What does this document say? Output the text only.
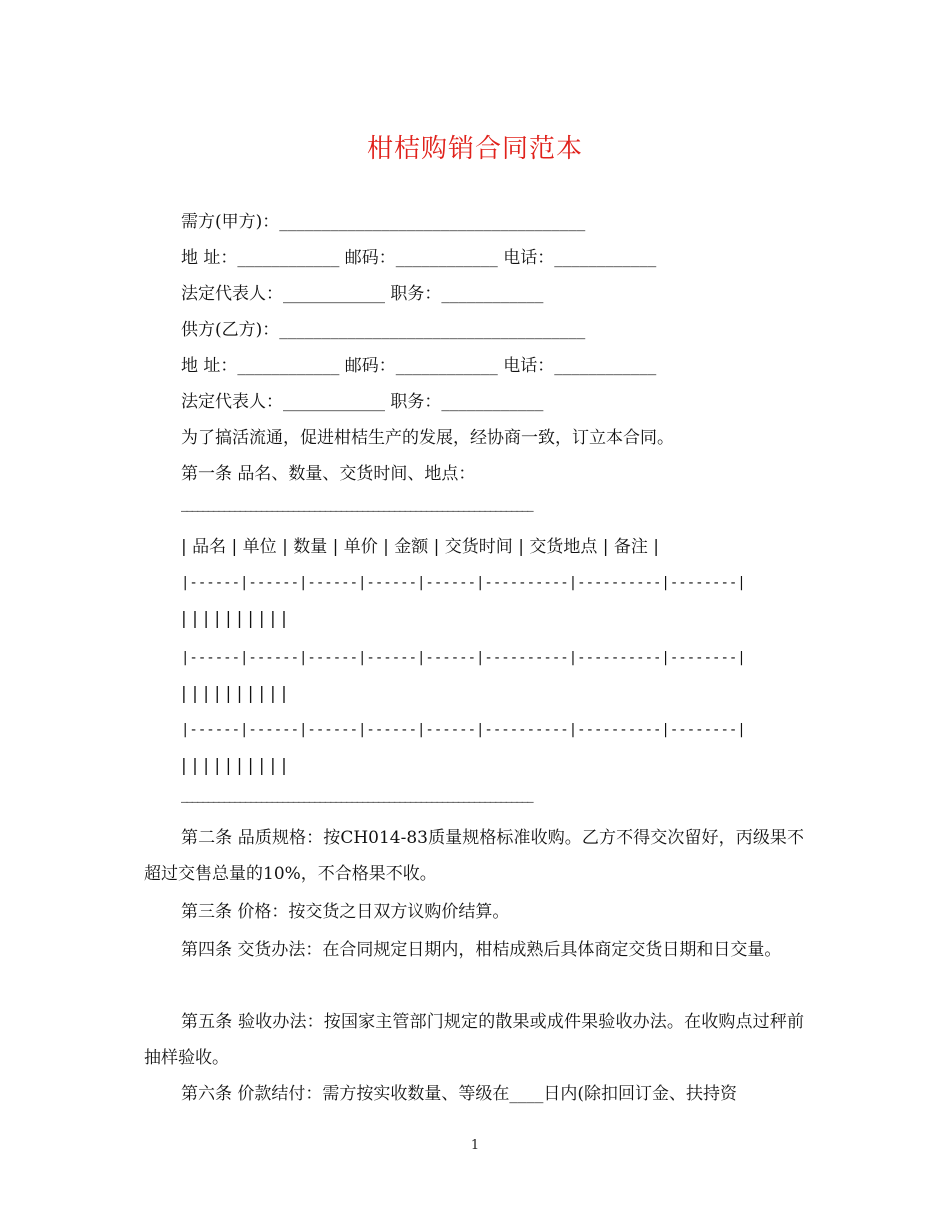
柑桔购销合同范本
需方(甲方)：____________________________________
地 址：____________ 邮码：____________ 电话：____________
法定代表人：____________ 职务：____________
供方(乙方)：____________________________________
地 址：____________ 邮码：____________ 电话：____________
法定代表人：____________ 职务：____________
为了搞活流通，促进柑桔生产的发展，经协商一致，订立本合同。
第一条 品名、数量、交货时间、地点：
——————————————————————————————————————————————————————————————————
| 品名 | 单位 | 数量 | 单价 | 金额 | 交货时间 | 交货地点 | 备注 |
|------|------|------|------|------|----------|----------|--------|
| | | | | | | | | |
|------|------|------|------|------|----------|----------|--------|
| | | | | | | | | |
|------|------|------|------|------|----------|----------|--------|
| | | | | | | | | |
——————————————————————————————————————————————————————————————————
第二条 品质规格：按CH014-83质量规格标准收购。乙方不得交次留好，丙级果不超过交售总量的10%，不合格果不收。
第三条 价格：按交货之日双方议购价结算。
第四条 交货办法：在合同规定日期内，柑桔成熟后具体商定交货日期和日交量。
第五条 验收办法：按国家主管部门规定的散果或成件果验收办法。在收购点过秤前抽样验收。
第六条 价款结付：需方按实收数量、等级在____日内(除扣回订金、扶持资
1
